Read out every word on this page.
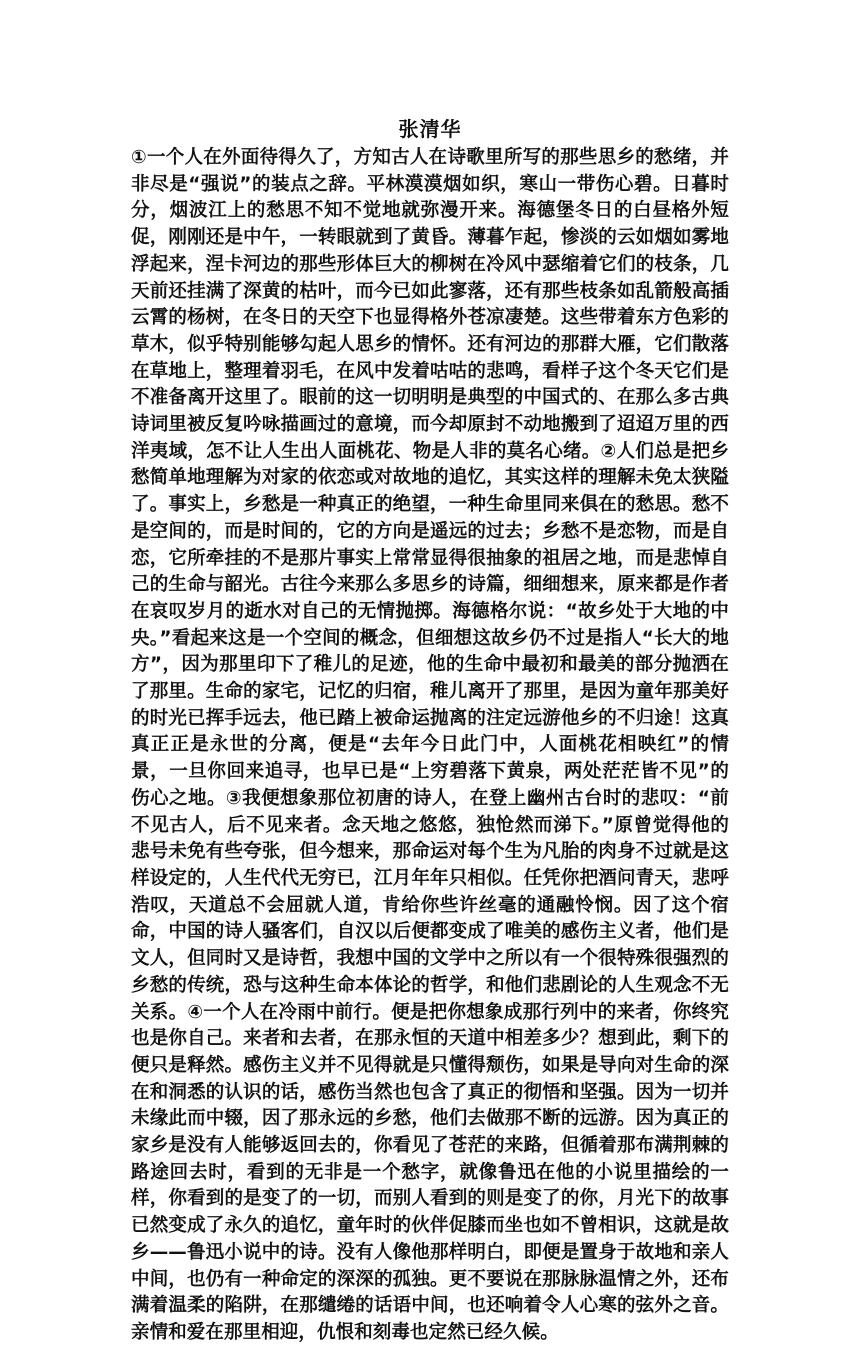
张清华
①一个人在外面待得久了，方知古人在诗歌里所写的那些思乡的愁绪，并非尽是“强说”的装点之辞。平林漠漠烟如织，寒山一带伤心碧。日暮时分，烟波江上的愁思不知不觉地就弥漫开来。海德堡冬日的白昼格外短促，刚刚还是中午，一转眼就到了黄昏。薄暮乍起，惨淡的云如烟如雾地浮起来，涅卡河边的那些形体巨大的柳树在冷风中瑟缩着它们的枝条，几天前还挂满了深黄的枯叶，而今已如此寥落，还有那些枝条如乱箭般高插云霄的杨树，在冬日的天空下也显得格外苍凉凄楚。这些带着东方色彩的草木，似乎特别能够勾起人思乡的情怀。还有河边的那群大雁，它们散落在草地上，整理着羽毛，在风中发着咕咕的悲鸣，看样子这个冬天它们是不准备离开这里了。眼前的这一切明明是典型的中国式的、在那么多古典诗词里被反复吟咏描画过的意境，而今却原封不动地搬到了迢迢万里的西洋夷域，怎不让人生出人面桃花、物是人非的莫名心绪。②人们总是把乡愁简单地理解为对家的依恋或对故地的追忆，其实这样的理解未免太狭隘了。事实上，乡愁是一种真正的绝望，一种生命里同来俱在的愁思。愁不是空间的，而是时间的，它的方向是遥远的过去；乡愁不是恋物，而是自恋，它所牵挂的不是那片事实上常常显得很抽象的祖居之地，而是悲悼自己的生命与韶光。古往今来那么多思乡的诗篇，细细想来，原来都是作者在哀叹岁月的逝水对自己的无情抛掷。海德格尔说：“故乡处于大地的中央。”看起来这是一个空间的概念，但细想这故乡仍不过是指人“长大的地方”，因为那里印下了稚儿的足迹，他的生命中最初和最美的部分抛洒在了那里。生命的家宅，记忆的归宿，稚儿离开了那里，是因为童年那美好的时光已挥手远去，他已踏上被命运抛离的注定远游他乡的不归途！这真真正正是永世的分离，便是“去年今日此门中，人面桃花相映红”的情景，一旦你回来追寻，也早已是“上穷碧落下黄泉，两处茫茫皆不见”的伤心之地。③我便想象那位初唐的诗人，在登上幽州古台时的悲叹：“前不见古人，后不见来者。念天地之悠悠，独怆然而涕下。”原曾觉得他的悲号未免有些夸张，但今想来，那命运对每个生为凡胎的肉身不过就是这样设定的，人生代代无穷已，江月年年只相似。任凭你把酒问青天，悲呼浩叹，天道总不会屈就人道，肯给你些许丝毫的通融怜悯。因了这个宿命，中国的诗人骚客们，自汉以后便都变成了唯美的感伤主义者，他们是文人，但同时又是诗哲，我想中国的文学中之所以有一个很特殊很强烈的乡愁的传统，恐与这种生命本体论的哲学，和他们悲剧论的人生观念不无关系。④一个人在冷雨中前行。便是把你想象成那行列中的来者，你终究也是你自己。来者和去者，在那永恒的天道中相差多少？想到此，剩下的便只是释然。感伤主义并不见得就是只懂得颓伤，如果是导向对生命的深在和洞悉的认识的话，感伤当然也包含了真正的彻悟和坚强。因为一切并未缘此而中辍，因了那永远的乡愁，他们去做那不断的远游。因为真正的家乡是没有人能够返回去的，你看见了苍茫的来路，但循着那布满荆棘的路途回去时，看到的无非是一个愁字，就像鲁迅在他的小说里描绘的一样，你看到的是变了的一切，而别人看到的则是变了的你，月光下的故事已然变成了永久的追忆，童年时的伙伴促膝而坐也如不曾相识，这就是故乡——鲁迅小说中的诗。没有人像他那样明白，即便是置身于故地和亲人中间，也仍有一种命定的深深的孤独。更不要说在那脉脉温情之外，还布满着温柔的陷阱，在那缱绻的话语中间，也还响着令人心寒的弦外之音。亲情和爱在那里相迎，仇恨和刻毒也定然已经久候。
